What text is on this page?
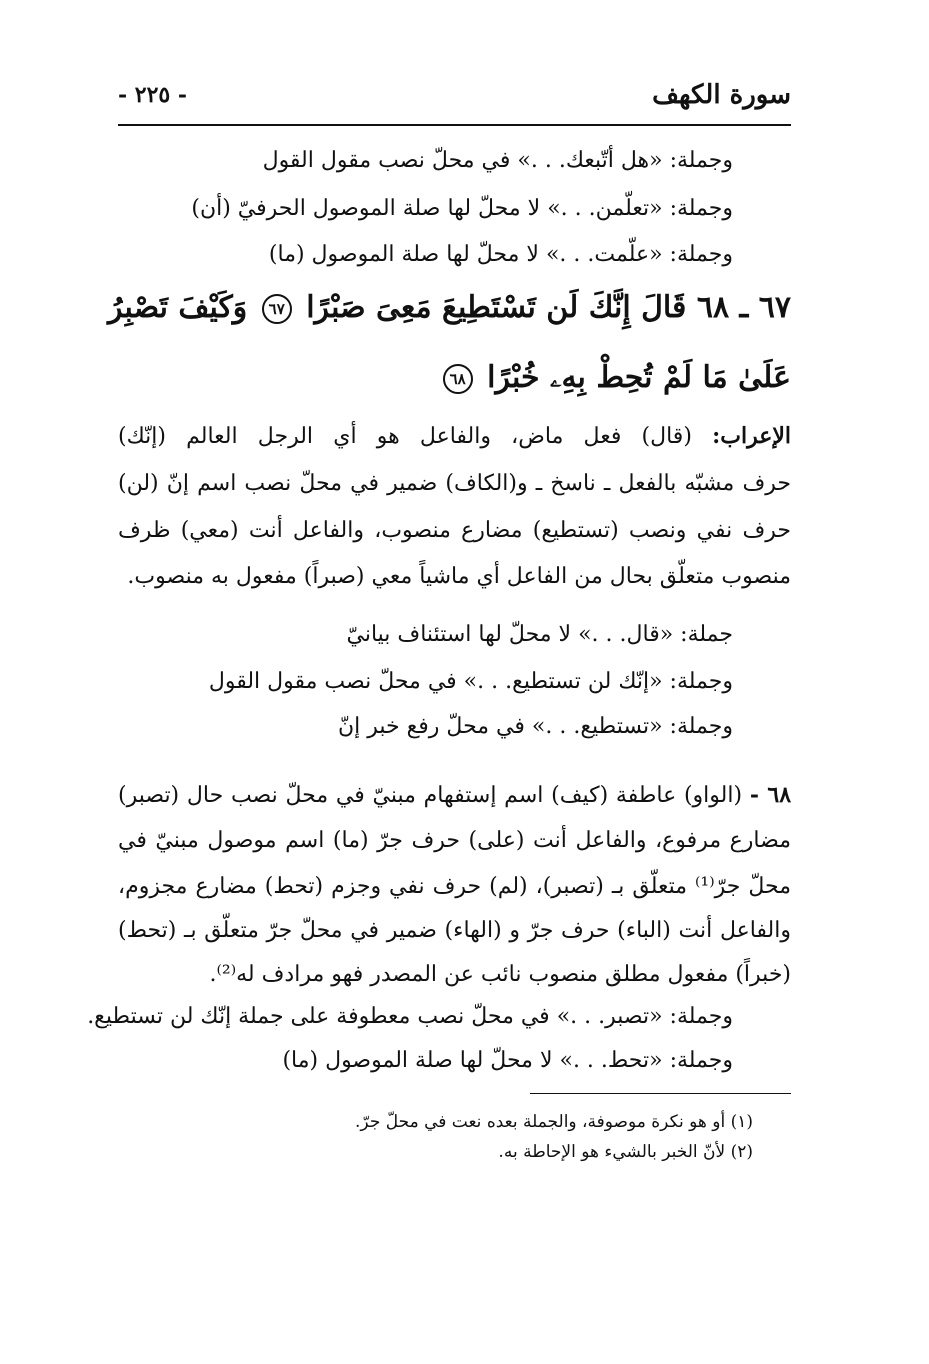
سورة الكهف
- ٢٢٥ -
وجملة: «هل أتّبعك. . .» في محلّ نصب مقول القول
وجملة: «تعلّمن. . .» لا محلّ لها صلة الموصول الحرفيّ (أن)
وجملة: «علّمت. . .» لا محلّ لها صلة الموصول (ما)
٦٧ ـ ٦٨ قَالَ إِنَّكَ لَن تَسْتَطِيعَ مَعِىَ صَبْرًا ٦٧ وَكَيْفَ تَصْبِرُ
عَلَىٰ مَا لَمْ تُحِطْ بِهِۦ خُبْرًا ٦٨
الإعراب: (قال) فعل ماض، والفاعل هو أي الرجل العالم (إنّك)
حرف مشبّه بالفعل ـ ناسخ ـ و(الكاف) ضمير في محلّ نصب اسم إنّ (لن)
حرف نفي ونصب (تستطيع) مضارع منصوب، والفاعل أنت (معي) ظرف
منصوب متعلّق بحال من الفاعل أي ماشياً معي (صبراً) مفعول به منصوب.
جملة: «قال. . .» لا محلّ لها استئناف بيانيّ
وجملة: «إنّك لن تستطيع. . .» في محلّ نصب مقول القول
وجملة: «تستطيع. . .» في محلّ رفع خبر إنّ
٦٨ - (الواو) عاطفة (كيف) اسم إستفهام مبنيّ في محلّ نصب حال (تصبر)
مضارع مرفوع، والفاعل أنت (على) حرف جرّ (ما) اسم موصول مبنيّ في
محلّ جرّ⁽¹⁾ متعلّق بـ (تصبر)، (لم) حرف نفي وجزم (تحط) مضارع مجزوم،
والفاعل أنت (الباء) حرف جرّ و (الهاء) ضمير في محلّ جرّ متعلّق بـ (تحط)
(خبراً) مفعول مطلق منصوب نائب عن المصدر فهو مرادف له⁽²⁾.
وجملة: «تصبر. . .» في محلّ نصب معطوفة على جملة إنّك لن تستطيع.
وجملة: «تحط. . .» لا محلّ لها صلة الموصول (ما)
(١) أو هو نكرة موصوفة، والجملة بعده نعت في محلّ جرّ.
(٢) لأنّ الخبر بالشيء هو الإحاطة به.
